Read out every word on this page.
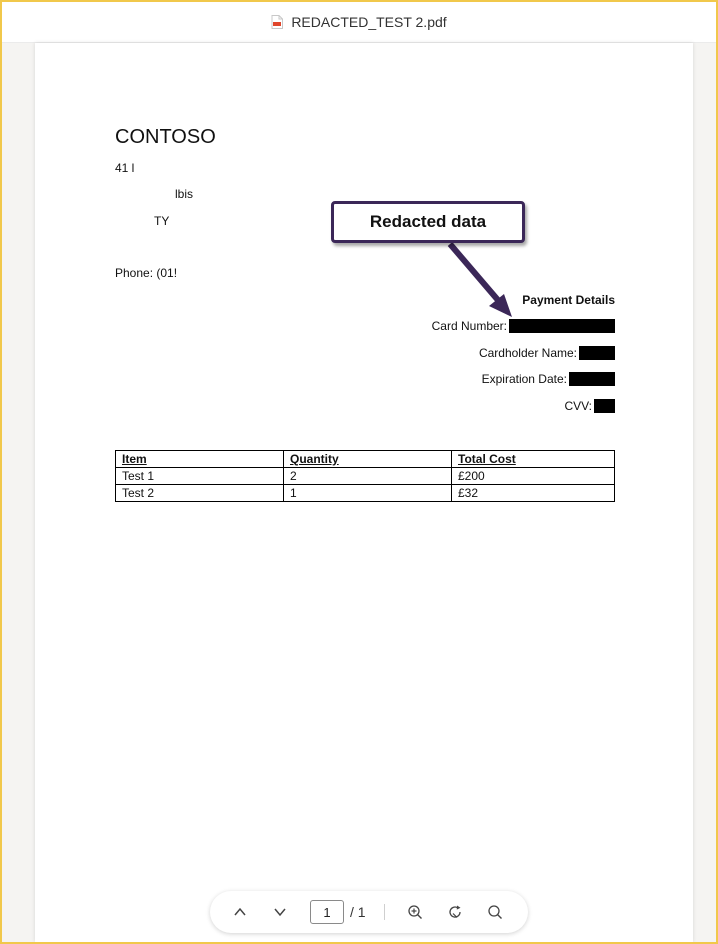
REDACTED_TEST 2.pdf
CONTOSO
41 l
lbis
TY
Phone: (01!
Payment Details
Card Number:
Cardholder Name:
Expiration Date:
CVV:
Item	Quantity	Total Cost
Test 1	2	£200
Test 2	1	£32
Redacted data
1
/ 1
